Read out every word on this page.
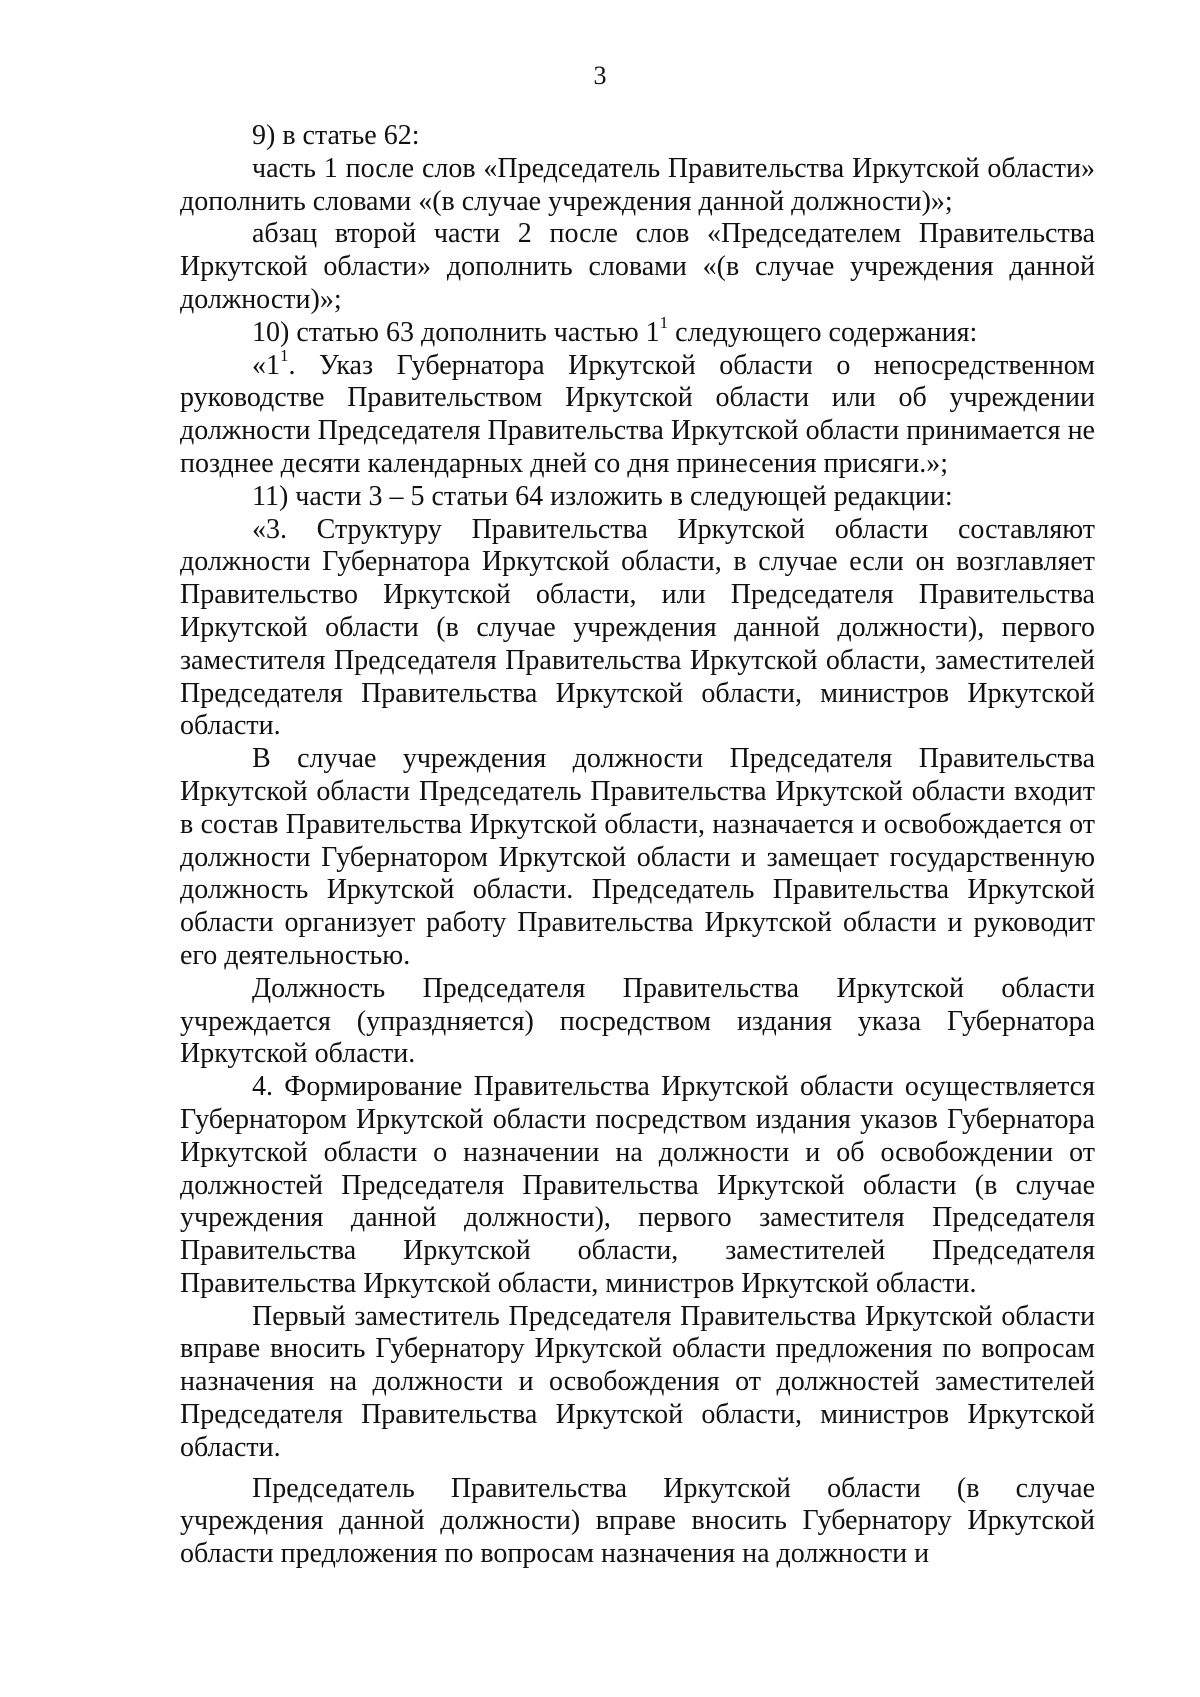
3

9) в статье 62:

часть 1 после слов «Председатель Правительства Иркутской области» дополнить словами «(в случае учреждения данной должности)»;

абзац второй части 2 после слов «Председателем Правительства Иркутской области» дополнить словами «(в случае учреждения данной должности)»;

10) статью 63 дополнить частью $1^1$ следующего содержания:

«$1^1$. Указ Губернатора Иркутской области о непосредственном руководстве Правительством Иркутской области или об учреждении должности Председателя Правительства Иркутской области принимается не позднее десяти календарных дней со дня принесения присяги.»;

11) части 3 – 5 статьи 64 изложить в следующей редакции:

«3. Структуру Правительства Иркутской области составляют должности Губернатора Иркутской области, в случае если он возглавляет Правительство Иркутской области, или Председателя Правительства Иркутской области (в случае учреждения данной должности), первого заместителя Председателя Правительства Иркутской области, заместителей Председателя Правительства Иркутской области, министров Иркутской области.

В случае учреждения должности Председателя Правительства Иркутской области Председатель Правительства Иркутской области входит в состав Правительства Иркутской области, назначается и освобождается от должности Губернатором Иркутской области и замещает государственную должность Иркутской области. Председатель Правительства Иркутской области организует работу Правительства Иркутской области и руководит его деятельностью.

Должность Председателя Правительства Иркутской области учреждается (упраздняется) посредством издания указа Губернатора Иркутской области.

4. Формирование Правительства Иркутской области осуществляется Губернатором Иркутской области посредством издания указов Губернатора Иркутской области о назначении на должности и об освобождении от должностей Председателя Правительства Иркутской области (в случае учреждения данной должности), первого заместителя Председателя Правительства Иркутской области, заместителей Председателя Правительства Иркутской области, министров Иркутской области.

Первый заместитель Председателя Правительства Иркутской области вправе вносить Губернатору Иркутской области предложения по вопросам назначения на должности и освобождения от должностей заместителей Председателя Правительства Иркутской области, министров Иркутской области.

Председатель Правительства Иркутской области (в случае учреждения данной должности) вправе вносить Губернатору Иркутской области предложения по вопросам назначения на должности и
